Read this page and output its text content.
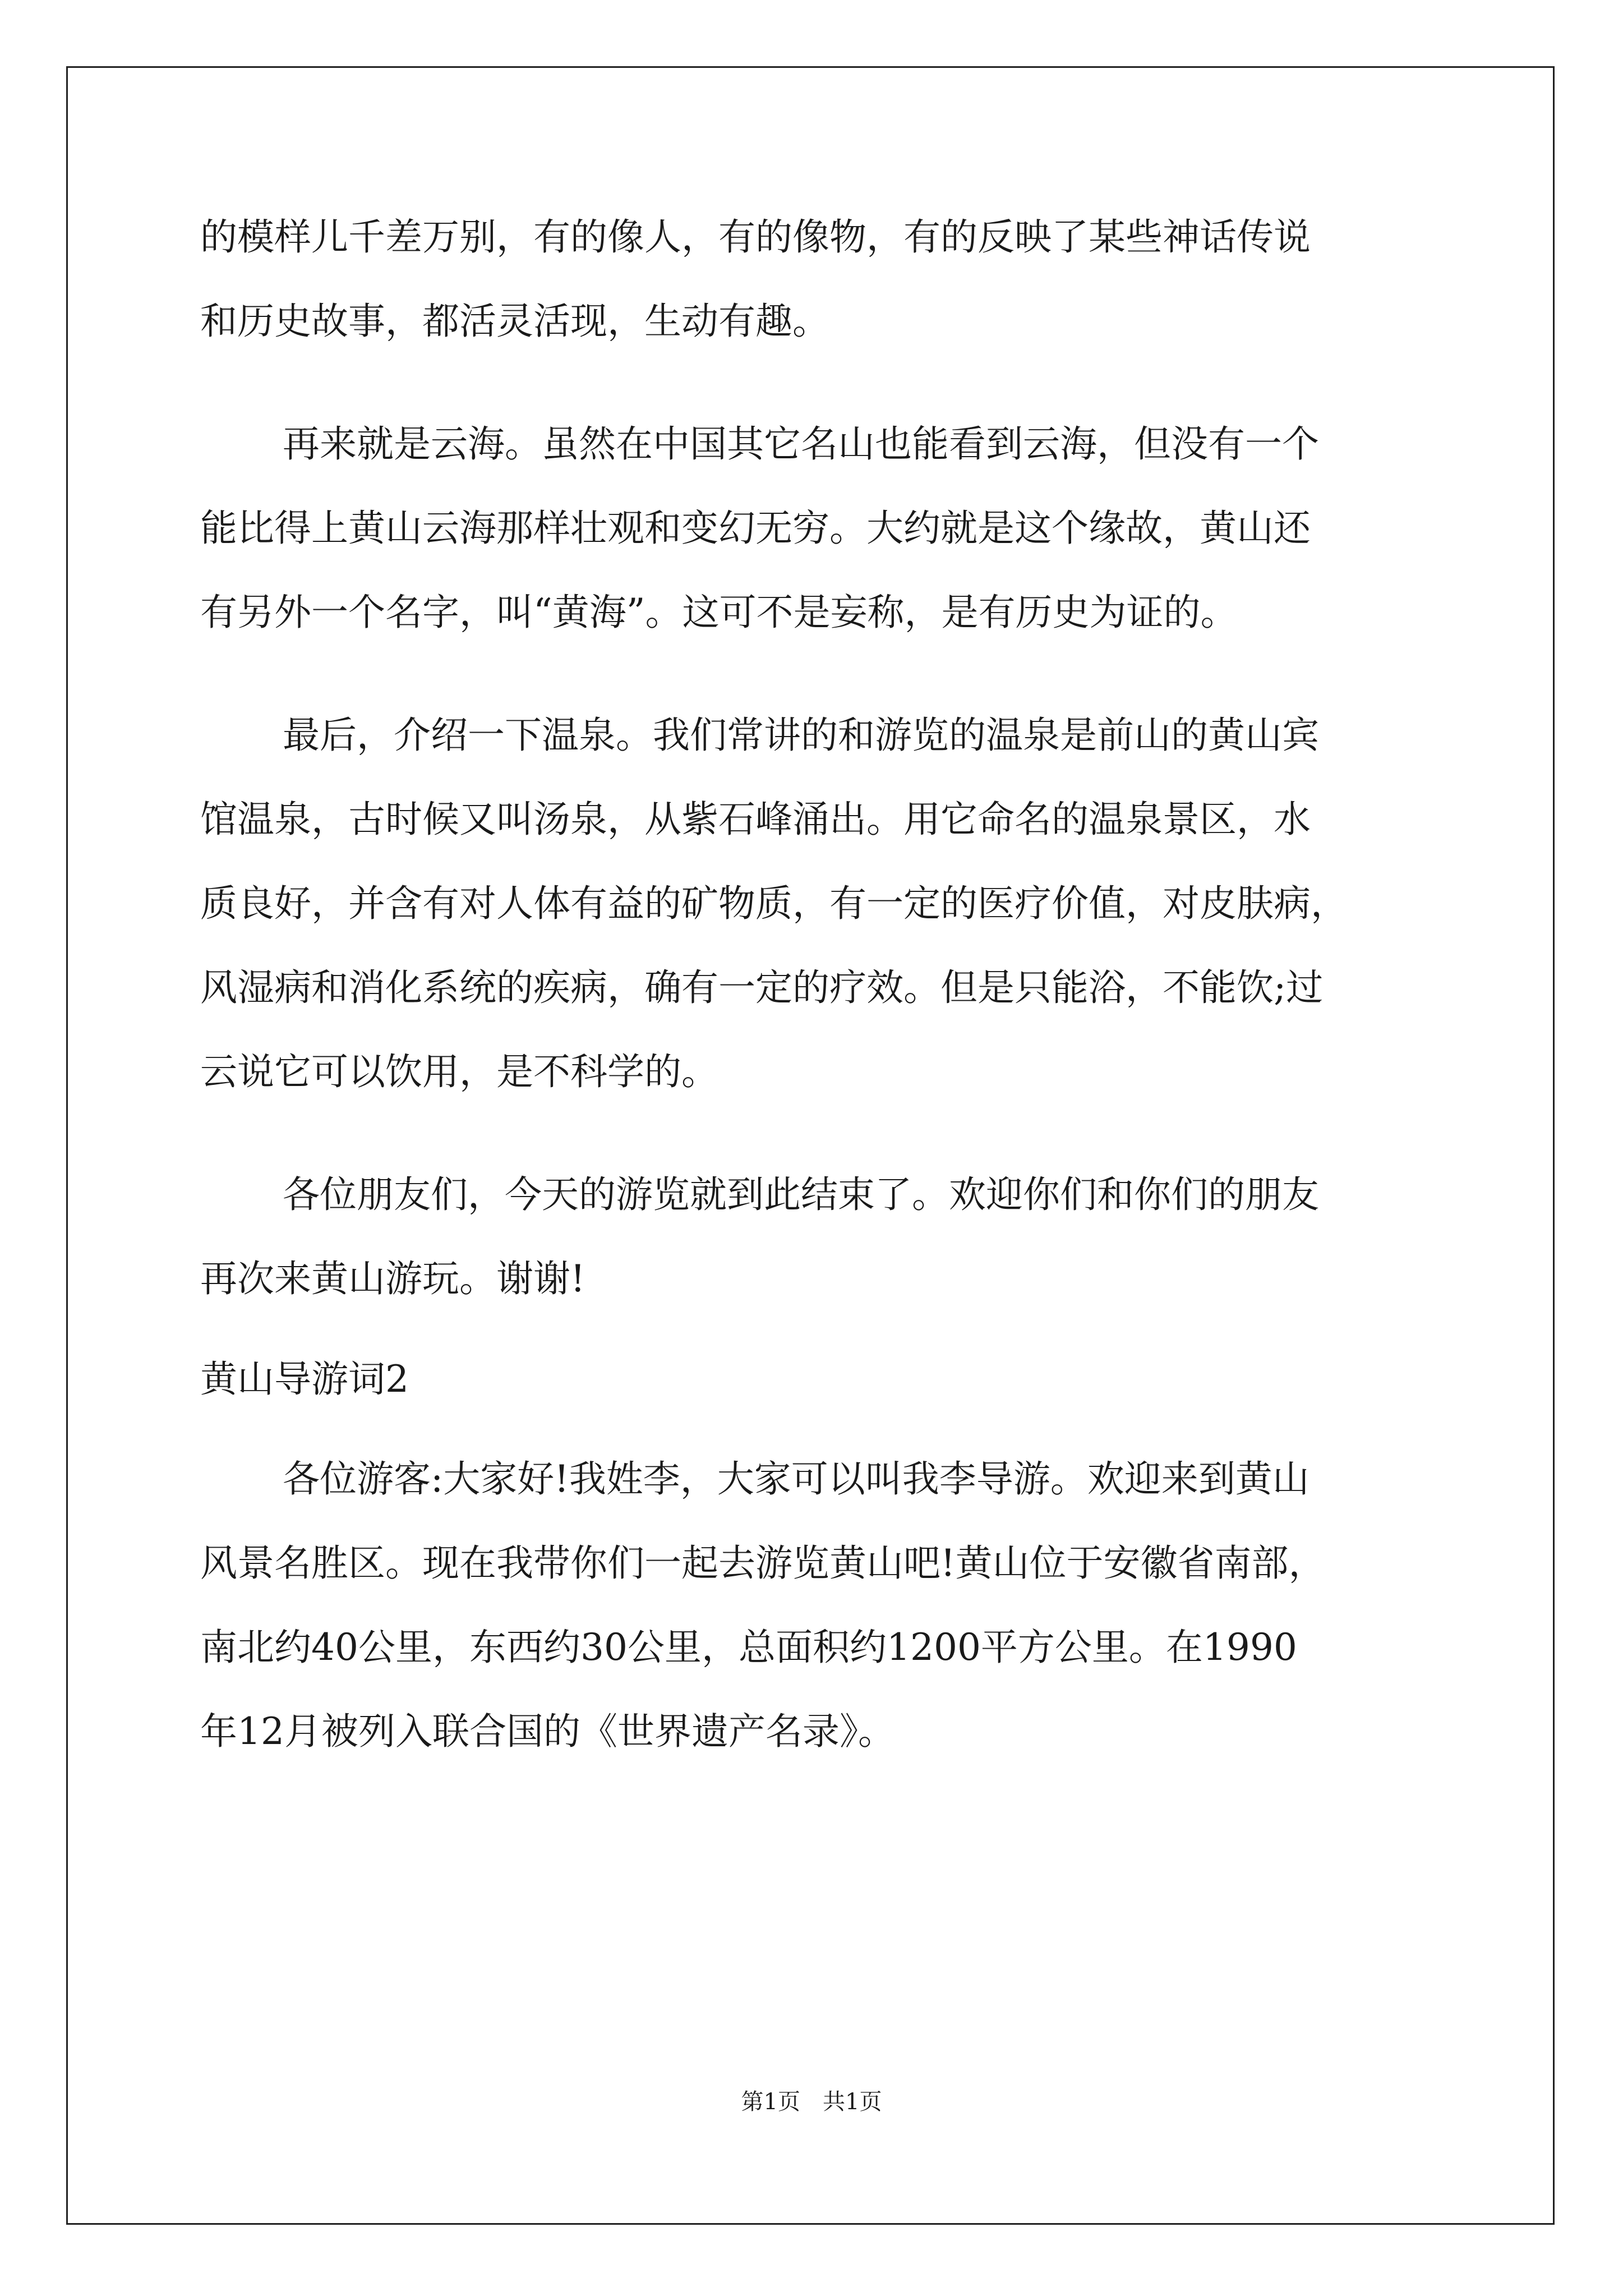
的模样儿千差万别，有的像人，有的像物，有的反映了某些神话传说
和历史故事，都活灵活现，生动有趣。
再来就是云海。虽然在中国其它名山也能看到云海，但没有一个
能比得上黄山云海那样壮观和变幻无穷。大约就是这个缘故，黄山还
有另外一个名字，叫“黄海”。这可不是妄称，是有历史为证的。
最后，介绍一下温泉。我们常讲的和游览的温泉是前山的黄山宾
馆温泉，古时候又叫汤泉，从紫石峰涌出。用它命名的温泉景区，水
质良好，并含有对人体有益的矿物质，有一定的医疗价值，对皮肤病，
风湿病和消化系统的疾病，确有一定的疗效。但是只能浴，不能饮;过
云说它可以饮用，是不科学的。
各位朋友们，今天的游览就到此结束了。欢迎你们和你们的朋友
再次来黄山游玩。谢谢!
黄山导游词2
各位游客:大家好!我姓李，大家可以叫我李导游。欢迎来到黄山
风景名胜区。现在我带你们一起去游览黄山吧!黄山位于安徽省南部，
南北约40公里，东西约30公里，总面积约1200平方公里。在1990
年12月被列入联合国的《世界遗产名录》。
第1页　共1页
